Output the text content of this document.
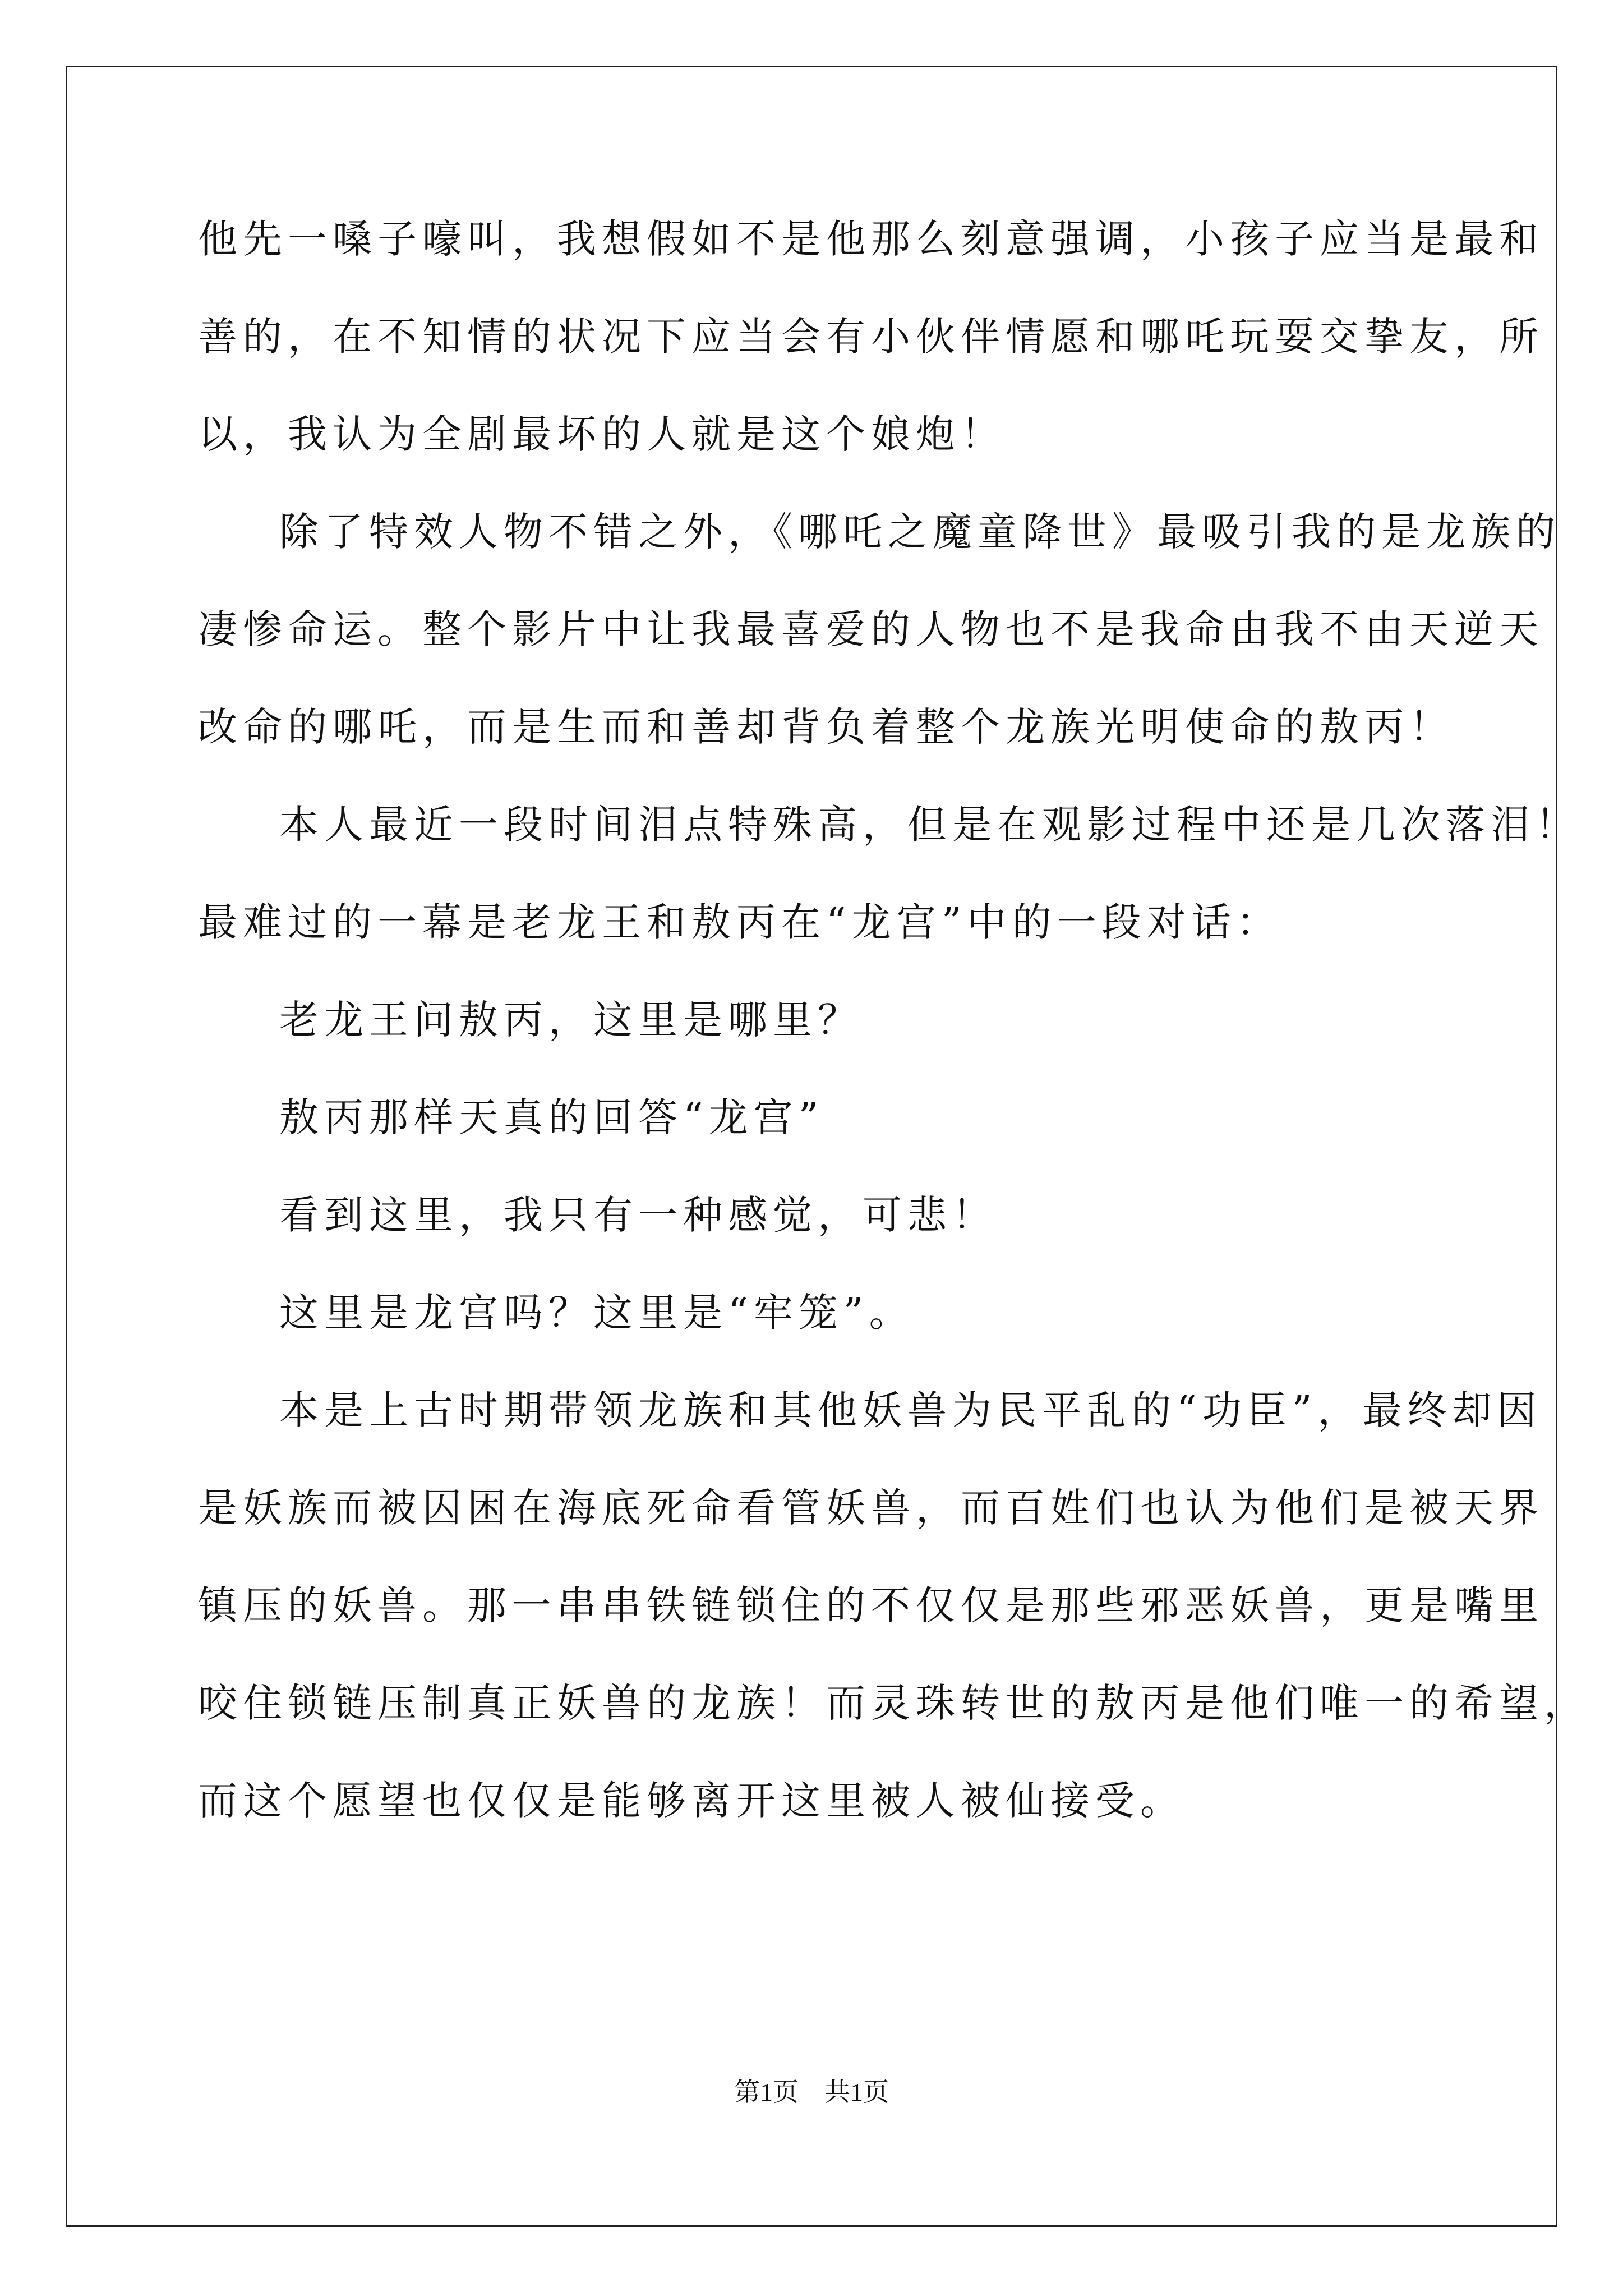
他先一嗓子嚎叫，我想假如不是他那么刻意强调，小孩子应当是最和
善的，在不知情的状况下应当会有小伙伴情愿和哪吒玩耍交挚友，所
以，我认为全剧最坏的人就是这个娘炮！
除了特效人物不错之外，《哪吒之魔童降世》最吸引我的是龙族的
凄惨命运。整个影片中让我最喜爱的人物也不是我命由我不由天逆天
改命的哪吒，而是生而和善却背负着整个龙族光明使命的敖丙！
本人最近一段时间泪点特殊高，但是在观影过程中还是几次落泪！
最难过的一幕是老龙王和敖丙在“龙宫”中的一段对话：
老龙王问敖丙，这里是哪里？
敖丙那样天真的回答“龙宫”
看到这里，我只有一种感觉，可悲！
这里是龙宫吗？这里是“牢笼”。
本是上古时期带领龙族和其他妖兽为民平乱的“功臣”，最终却因
是妖族而被囚困在海底死命看管妖兽，而百姓们也认为他们是被天界
镇压的妖兽。那一串串铁链锁住的不仅仅是那些邪恶妖兽，更是嘴里
咬住锁链压制真正妖兽的龙族！而灵珠转世的敖丙是他们唯一的希望，
而这个愿望也仅仅是能够离开这里被人被仙接受。
第1页　共1页
